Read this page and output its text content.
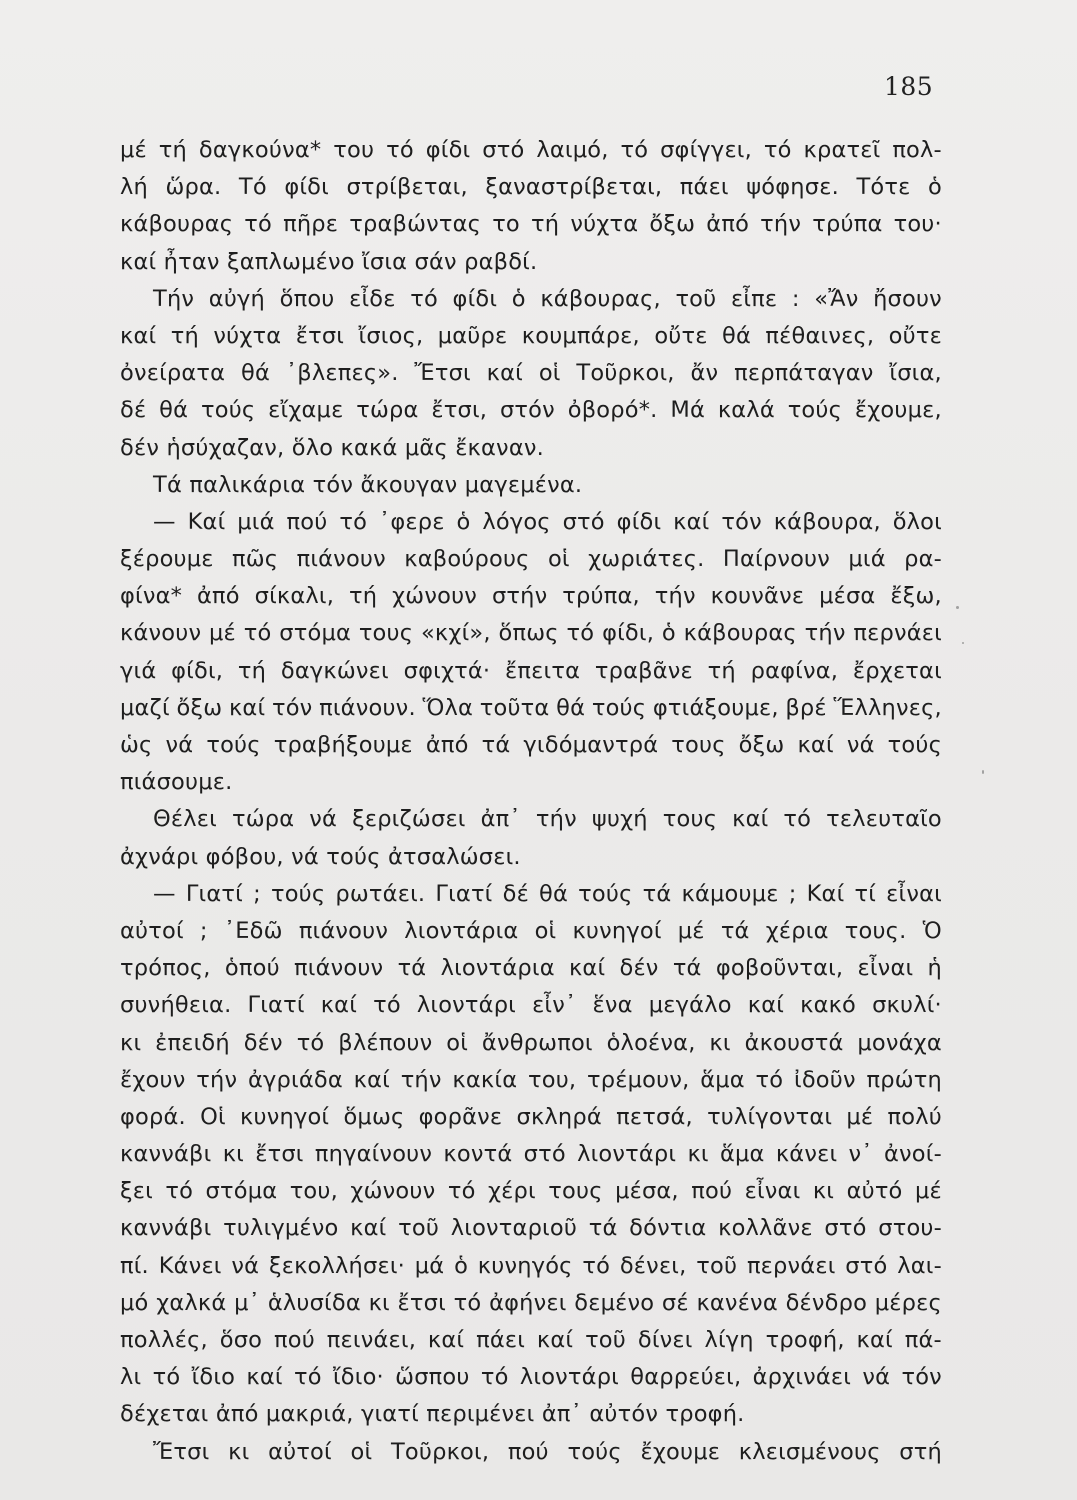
185
μέ τή δαγκούνα* του τό φίδι στό λαιμό, τό σφίγγει, τό κρατεῖ πολ-
λή ὥρα. Τό φίδι στρίβεται, ξαναστρίβεται, πάει ψόφησε. Τότε ὁ
κάβουρας τό πῆρε τραβώντας το τή νύχτα ὄξω ἀπό τήν τρύπα του·
καί ἦταν ξαπλωμένο ἴσια σάν ραβδί.
Τήν αὐγή ὅπου εἶδε τό φίδι ὁ κάβουρας, τοῦ εἶπε : «Ἄν ἤσουν
καί τή νύχτα ἔτσι ἴσιος, μαῦρε κουμπάρε, οὔτε θά πέθαινες, οὔτε
ὀνείρατα θά ᾿βλεπες». Ἔτσι καί οἱ Τοῦρκοι, ἄν περπάταγαν ἴσια,
δέ θά τούς εἴχαμε τώρα ἔτσι, στόν ὀβορό*. Μά καλά τούς ἔχουμε,
δέν ἡσύχαζαν, ὅλο κακά μᾶς ἔκαναν.
Τά παλικάρια τόν ἄκουγαν μαγεμένα.
— Καί μιά πού τό ᾿φερε ὁ λόγος στό φίδι καί τόν κάβουρα, ὅλοι
ξέρουμε πῶς πιάνουν καβούρους οἱ χωριάτες. Παίρνουν μιά ρα-
φίνα* ἀπό σίκαλι, τή χώνουν στήν τρύπα, τήν κουνᾶνε μέσα ἔξω,
κάνουν μέ τό στόμα τους «κχί», ὅπως τό φίδι, ὁ κάβουρας τήν περνάει
γιά φίδι, τή δαγκώνει σφιχτά· ἔπειτα τραβᾶνε τή ραφίνα, ἔρχεται
μαζί ὄξω καί τόν πιάνουν. Ὅλα τοῦτα θά τούς φτιάξουμε, βρέ Ἕλληνες,
ὡς νά τούς τραβήξουμε ἀπό τά γιδόμαντρά τους ὄξω καί νά τούς
πιάσουμε.
Θέλει τώρα νά ξεριζώσει ἀπ᾿ τήν ψυχή τους καί τό τελευταῖο
ἀχνάρι φόβου, νά τούς ἀτσαλώσει.
— Γιατί ; τούς ρωτάει. Γιατί δέ θά τούς τά κάμουμε ; Καί τί εἶναι
αὐτοί ; ᾿Εδῶ πιάνουν λιοντάρια οἱ κυνηγοί μέ τά χέρια τους. Ὁ
τρόπος, ὁπού πιάνουν τά λιοντάρια καί δέν τά φοβοῦνται, εἶναι ἡ
συνήθεια. Γιατί καί τό λιοντάρι εἶν᾿ ἕνα μεγάλο καί κακό σκυλί·
κι ἐπειδή δέν τό βλέπουν οἱ ἄνθρωποι ὁλοένα, κι ἀκουστά μονάχα
ἔχουν τήν ἀγριάδα καί τήν κακία του, τρέμουν, ἅμα τό ἰδοῦν πρώτη
φορά. Οἱ κυνηγοί ὅμως φορᾶνε σκληρά πετσά, τυλίγονται μέ πολύ
καννάβι κι ἔτσι πηγαίνουν κοντά στό λιοντάρι κι ἅμα κάνει ν᾿ ἀνοί-
ξει τό στόμα του, χώνουν τό χέρι τους μέσα, πού εἶναι κι αὐτό μέ
καννάβι τυλιγμένο καί τοῦ λιονταριοῦ τά δόντια κολλᾶνε στό στου-
πί. Κάνει νά ξεκολλήσει· μά ὁ κυνηγός τό δένει, τοῦ περνάει στό λαι-
μό χαλκά μ᾿ ἁλυσίδα κι ἔτσι τό ἀφήνει δεμένο σέ κανένα δένδρο μέρες
πολλές, ὅσο πού πεινάει, καί πάει καί τοῦ δίνει λίγη τροφή, καί πά-
λι τό ἴδιο καί τό ἴδιο· ὥσπου τό λιοντάρι θαρρεύει, ἀρχινάει νά τόν
δέχεται ἀπό μακριά, γιατί περιμένει ἀπ᾿ αὐτόν τροφή.
Ἔτσι κι αὐτοί οἱ Τοῦρκοι, πού τούς ἔχουμε κλεισμένους στή
